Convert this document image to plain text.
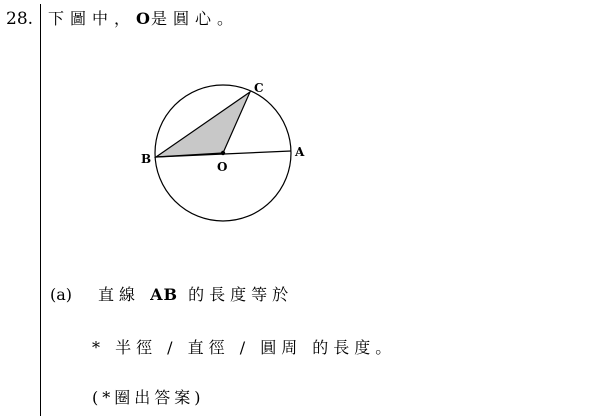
28. 下圖中，O是圓心。
C
B	A
O
(a) 直線 AB 的長度等於
* 半徑 / 直徑 / 圓周 的長度。
(*圈出答案)
